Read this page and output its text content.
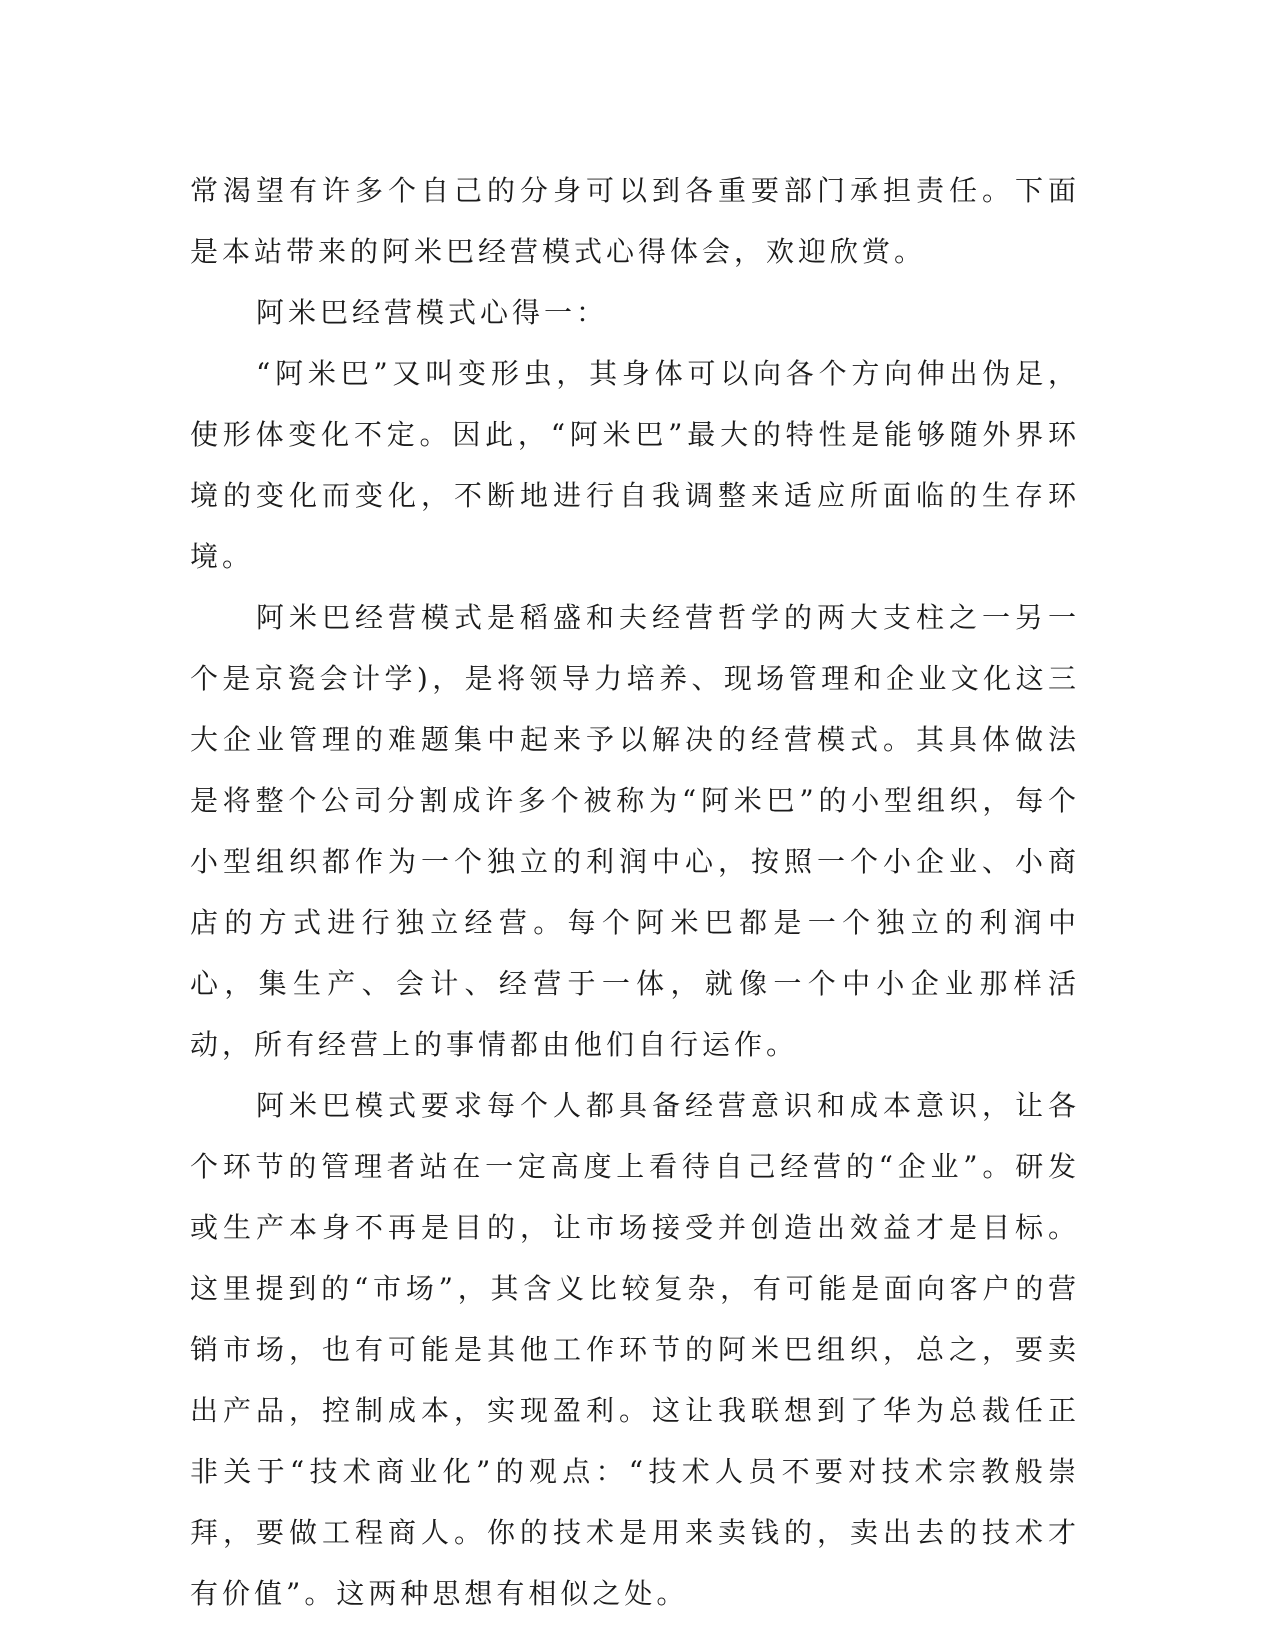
常渴望有许多个自己的分身可以到各重要部门承担责任。下面是本站带来的阿米巴经营模式心得体会，欢迎欣赏。

阿米巴经营模式心得一：

“阿米巴”又叫变形虫，其身体可以向各个方向伸出伪足，使形体变化不定。因此，“阿米巴”最大的特性是能够随外界环境的变化而变化，不断地进行自我调整来适应所面临的生存环境。

阿米巴经营模式是稻盛和夫经营哲学的两大支柱之一另一个是京瓷会计学)，是将领导力培养、现场管理和企业文化这三大企业管理的难题集中起来予以解决的经营模式。其具体做法是将整个公司分割成许多个被称为“阿米巴”的小型组织，每个小型组织都作为一个独立的利润中心，按照一个小企业、小商店的方式进行独立经营。每个阿米巴都是一个独立的利润中心，集生产、会计、经营于一体，就像一个中小企业那样活动，所有经营上的事情都由他们自行运作。

阿米巴模式要求每个人都具备经营意识和成本意识，让各个环节的管理者站在一定高度上看待自己经营的“企业”。研发或生产本身不再是目的，让市场接受并创造出效益才是目标。这里提到的“市场”，其含义比较复杂，有可能是面向客户的营销市场，也有可能是其他工作环节的阿米巴组织，总之，要卖出产品，控制成本，实现盈利。这让我联想到了华为总裁任正非关于“技术商业化”的观点：“技术人员不要对技术宗教般崇拜，要做工程商人。你的技术是用来卖钱的，卖出去的技术才有价值”。这两种思想有相似之处。
